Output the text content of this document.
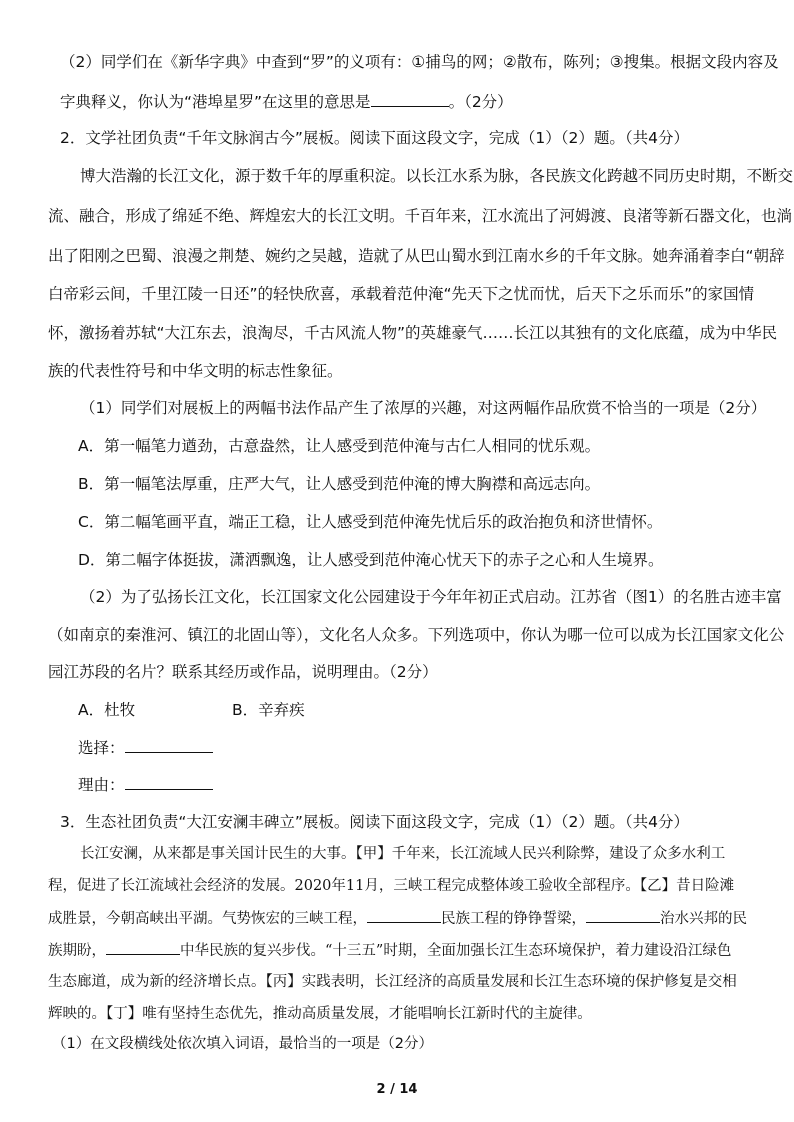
（2）同学们在《新华字典》中查到“罗”的义项有：①捕鸟的网；②散布，陈列；③搜集。根据文段内容及
字典释义，你认为“港埠星罗”在这里的意思是	。（2分）
2．文学社团负责“千年文脉润古今”展板。阅读下面这段文字，完成（1）（2）题。（共4分）
博大浩瀚的长江文化，源于数千年的厚重积淀。以长江水系为脉，各民族文化跨越不同历史时期，不断交
流、融合，形成了绵延不绝、辉煌宏大的长江文明。千百年来，江水流出了河姆渡、良渚等新石器文化，也淌
出了阳刚之巴蜀、浪漫之荆楚、婉约之吴越，造就了从巴山蜀水到江南水乡的千年文脉。她奔涌着李白“朝辞
白帝彩云间，千里江陵一日还”的轻快欣喜，承载着范仲淹“先天下之忧而忧，后天下之乐而乐”的家国情
怀，激扬着苏轼“大江东去，浪淘尽，千古风流人物”的英雄豪气……长江以其独有的文化底蕴，成为中华民
族的代表性符号和中华文明的标志性象征。
（1）同学们对展板上的两幅书法作品产生了浓厚的兴趣，对这两幅作品欣赏不恰当的一项是（2分）
A．第一幅笔力遒劲，古意盎然，让人感受到范仲淹与古仁人相同的忧乐观。
B．第一幅笔法厚重，庄严大气，让人感受到范仲淹的博大胸襟和高远志向。
C．第二幅笔画平直，端正工稳，让人感受到范仲淹先忧后乐的政治抱负和济世情怀。
D．第二幅字体挺拔，潇洒飘逸，让人感受到范仲淹心忧天下的赤子之心和人生境界。
（2）为了弘扬长江文化，长江国家文化公园建设于今年年初正式启动。江苏省（图1）的名胜古迹丰富
（如南京的秦淮河、镇江的北固山等），文化名人众多。下列选项中，你认为哪一位可以成为长江国家文化公
园江苏段的名片？联系其经历或作品，说明理由。（2分）
A．杜牧	B．辛弃疾
选择：
理由：
3．生态社团负责“大江安澜丰碑立”展板。阅读下面这段文字，完成（1）（2）题。（共4分）
长江安澜，从来都是事关国计民生的大事。【甲】千年来，长江流域人民兴利除弊，建设了众多水利工
程，促进了长江流域社会经济的发展。2020年11月，三峡工程完成整体竣工验收全部程序。【乙】昔日险滩
成胜景，今朝高峡出平湖。气势恢宏的三峡工程，	民族工程的铮铮誓梁，	治水兴邦的民
族期盼，	中华民族的复兴步伐。“十三五”时期，全面加强长江生态环境保护，着力建设沿江绿色
生态廊道，成为新的经济增长点。【丙】实践表明，长江经济的高质量发展和长江生态环境的保护修复是交相
辉映的。【丁】唯有坚持生态优先，推动高质量发展，才能唱响长江新时代的主旋律。
（1）在文段横线处依次填入词语，最恰当的一项是（2分）
2 / 14
